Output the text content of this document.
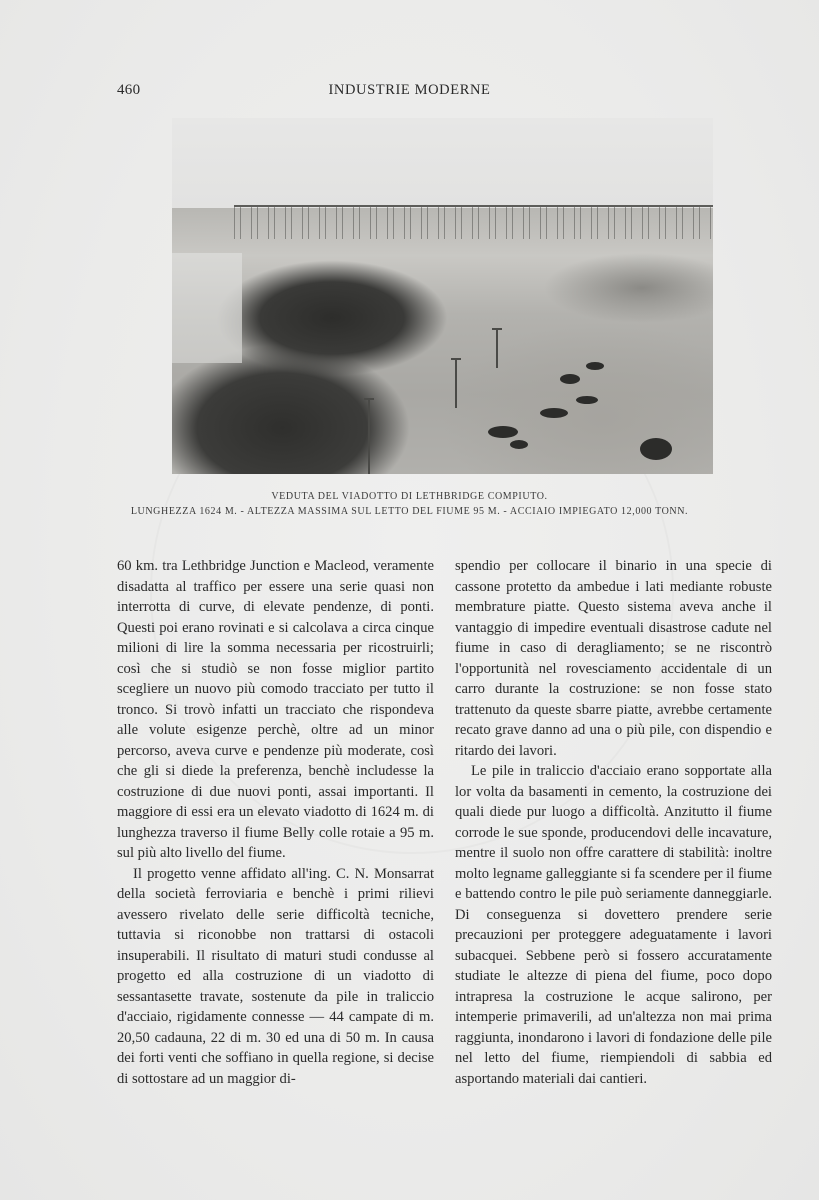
460	INDUSTRIE MODERNE
VEDUTA DEL VIADOTTO DI LETHBRIDGE COMPIUTO.
LUNGHEZZA 1624 M. - ALTEZZA MASSIMA SUL LETTO DEL FIUME 95 M. - ACCIAIO IMPIEGATO 12,000 TONN.

60 km. tra Lethbridge Junction e Macleod, veramente disadatta al traffico per essere una serie quasi non interrotta di curve, di elevate pendenze, di ponti. Questi poi erano rovinati e si calcolava a circa cinque milioni di lire la somma necessaria per ricostruirli; così che si studiò se non fosse miglior partito scegliere un nuovo più comodo tracciato per tutto il tronco. Si trovò infatti un tracciato che rispondeva alle volute esigenze perchè, oltre ad un minor percorso, aveva curve e pendenze più moderate, così che gli si diede la preferenza, benchè includesse la costruzione di due nuovi ponti, assai importanti. Il maggiore di essi era un elevato viadotto di 1624 m. di lunghezza traverso il fiume Belly colle rotaie a 95 m. sul più alto livello del fiume.

Il progetto venne affidato all'ing. C. N. Monsarrat della società ferroviaria e benchè i primi rilievi avessero rivelato delle serie difficoltà tecniche, tuttavia si riconobbe non trattarsi di ostacoli insuperabili. Il risultato di maturi studi condusse al progetto ed alla costruzione di un viadotto di sessantasette travate, sostenute da pile in traliccio d'acciaio, rigidamente connesse — 44 campate di m. 20,50 cadauna, 22 di m. 30 ed una di 50 m. In causa dei forti venti che soffiano in quella regione, si decise di sottostare ad un maggior di-

spendio per collocare il binario in una specie di cassone protetto da ambedue i lati mediante robuste membrature piatte. Questo sistema aveva anche il vantaggio di impedire eventuali disastrose cadute nel fiume in caso di deragliamento; se ne riscontrò l'opportunità nel rovesciamento accidentale di un carro durante la costruzione: se non fosse stato trattenuto da queste sbarre piatte, avrebbe certamente recato grave danno ad una o più pile, con dispendio e ritardo dei lavori.

Le pile in traliccio d'acciaio erano sopportate alla lor volta da basamenti in cemento, la costruzione dei quali diede pur luogo a difficoltà. Anzitutto il fiume corrode le sue sponde, producendovi delle incavature, mentre il suolo non offre carattere di stabilità: inoltre molto legname galleggiante si fa scendere per il fiume e battendo contro le pile può seriamente danneggiarle. Di conseguenza si dovettero prendere serie precauzioni per proteggere adeguatamente i lavori subacquei. Sebbene però si fossero accuratamente studiate le altezze di piena del fiume, poco dopo intrapresa la costruzione le acque salirono, per intemperie primaverili, ad un'altezza non mai prima raggiunta, inondarono i lavori di fondazione delle pile nel letto del fiume, riempiendoli di sabbia ed asportando materiali dai cantieri.
